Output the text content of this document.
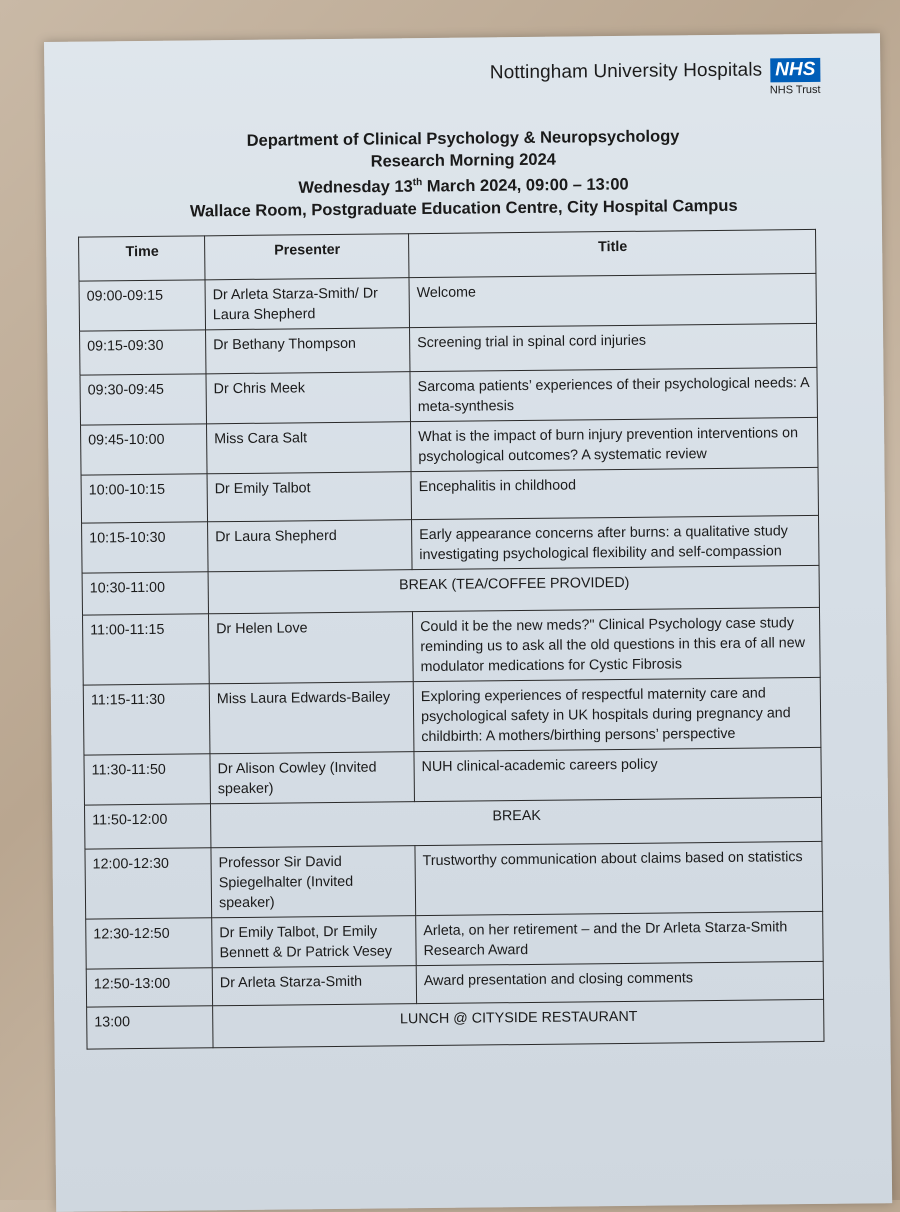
Nottingham University Hospitals NHS
NHS Trust
Department of Clinical Psychology & Neuropsychology
Research Morning 2024
Wednesday 13th March 2024, 09:00 – 13:00
Wallace Room, Postgraduate Education Centre, City Hospital Campus
Time	Presenter	Title
09:00-09:15	Dr Arleta Starza-Smith/ Dr Laura Shepherd	Welcome
09:15-09:30	Dr Bethany Thompson	Screening trial in spinal cord injuries
09:30-09:45	Dr Chris Meek	Sarcoma patients’ experiences of their psychological needs: A meta-synthesis
09:45-10:00	Miss Cara Salt	What is the impact of burn injury prevention interventions on psychological outcomes? A systematic review
10:00-10:15	Dr Emily Talbot	Encephalitis in childhood
10:15-10:30	Dr Laura Shepherd	Early appearance concerns after burns: a qualitative study investigating psychological flexibility and self-compassion
10:30-11:00	BREAK (TEA/COFFEE PROVIDED)	
11:00-11:15	Dr Helen Love	Could it be the new meds?" Clinical Psychology case study reminding us to ask all the old questions in this era of all new modulator medications for Cystic Fibrosis
11:15-11:30	Miss Laura Edwards-Bailey	Exploring experiences of respectful maternity care and psychological safety in UK hospitals during pregnancy and childbirth: A mothers/birthing persons’ perspective
11:30-11:50	Dr Alison Cowley (Invited speaker)	NUH clinical-academic careers policy
11:50-12:00	BREAK	
12:00-12:30	Professor Sir David Spiegelhalter (Invited speaker)	Trustworthy communication about claims based on statistics
12:30-12:50	Dr Emily Talbot, Dr Emily Bennett & Dr Patrick Vesey	Arleta, on her retirement – and the Dr Arleta Starza-Smith Research Award
12:50-13:00	Dr Arleta Starza-Smith	Award presentation and closing comments
13:00	LUNCH @ CITYSIDE RESTAURANT	
